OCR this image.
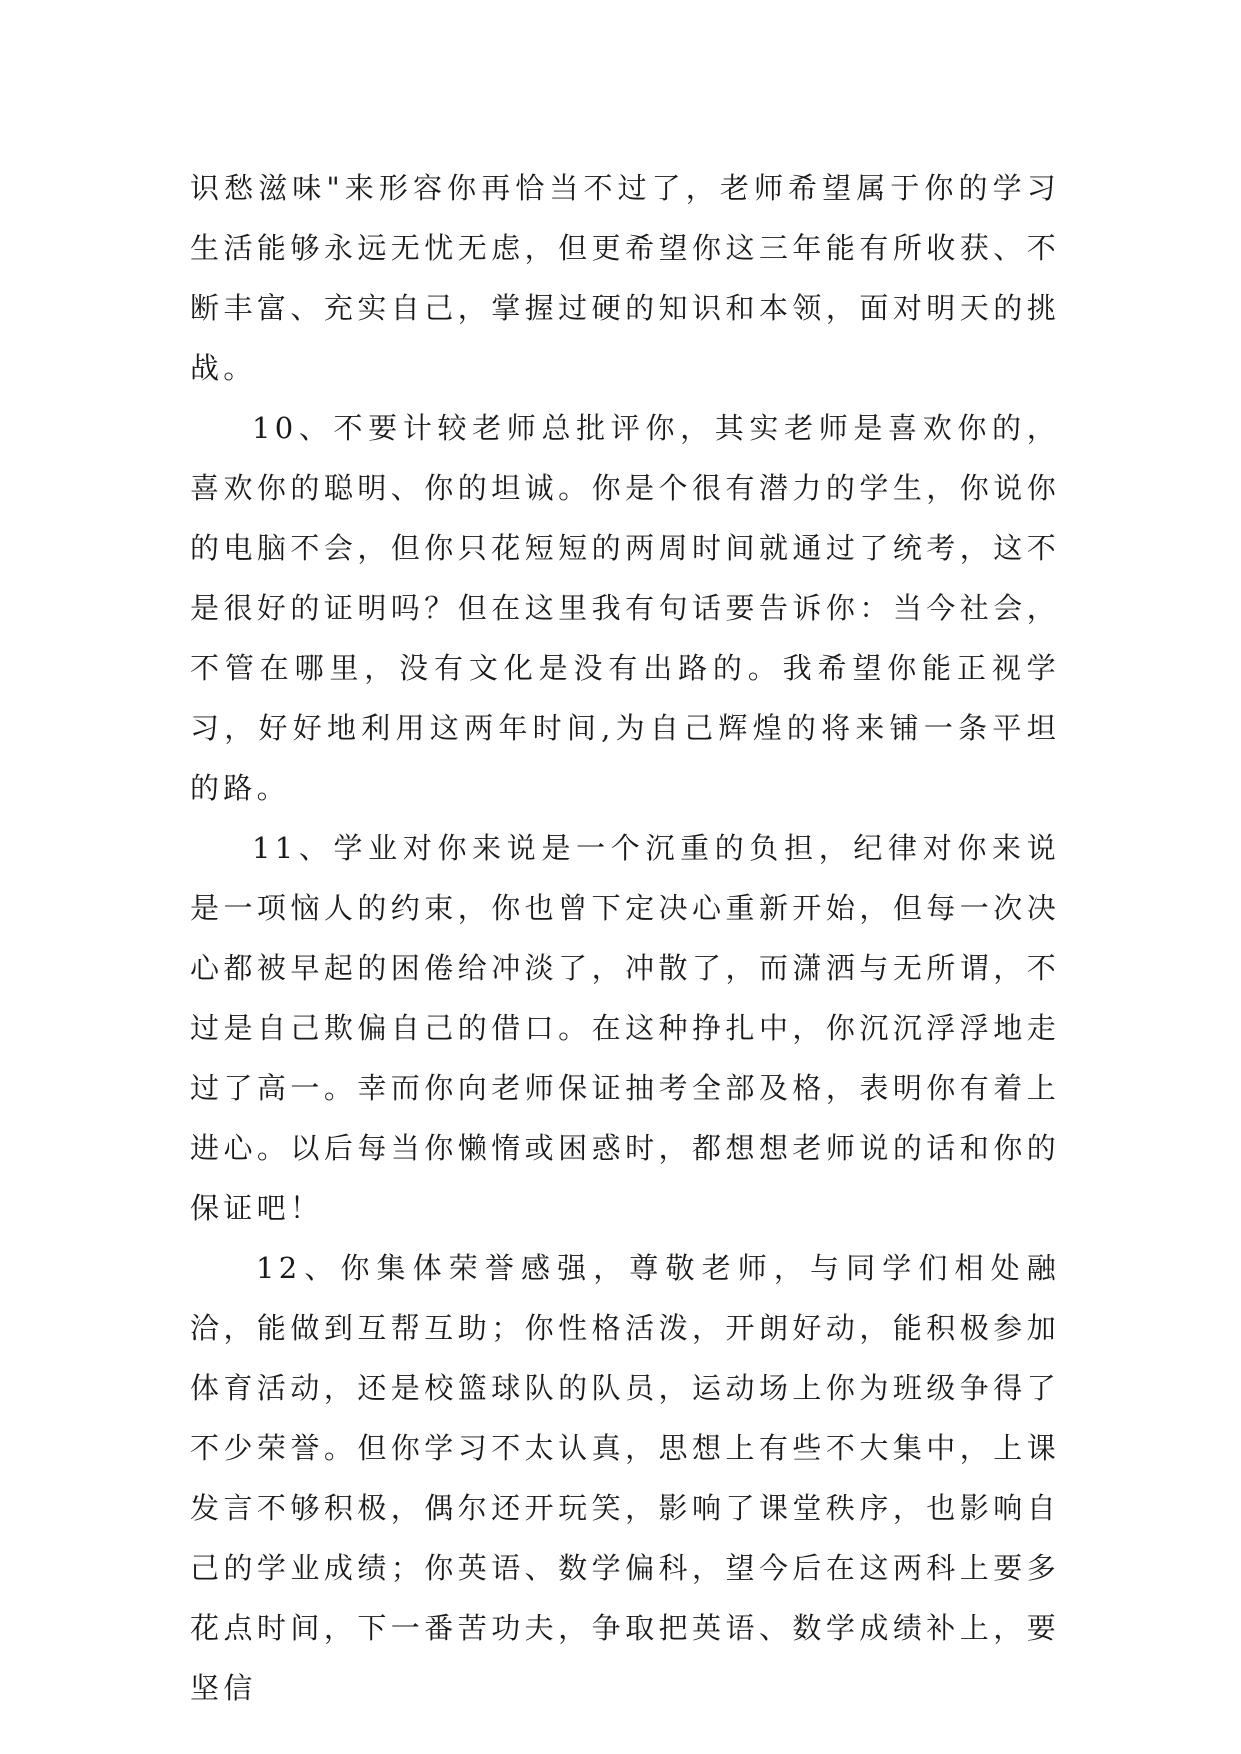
识愁滋味"来形容你再恰当不过了，老师希望属于你的学习生活能够永远无忧无虑，但更希望你这三年能有所收获、不断丰富、充实自己，掌握过硬的知识和本领，面对明天的挑战。

10、不要计较老师总批评你，其实老师是喜欢你的，喜欢你的聪明、你的坦诚。你是个很有潜力的学生，你说你的电脑不会，但你只花短短的两周时间就通过了统考，这不是很好的证明吗？但在这里我有句话要告诉你：当今社会，不管在哪里，没有文化是没有出路的。我希望你能正视学习，好好地利用这两年时间,为自己辉煌的将来铺一条平坦的路。

11、学业对你来说是一个沉重的负担，纪律对你来说是一项恼人的约束，你也曾下定决心重新开始，但每一次决心都被早起的困倦给冲淡了，冲散了，而潇洒与无所谓，不过是自己欺偏自己的借口。在这种挣扎中，你沉沉浮浮地走过了高一。幸而你向老师保证抽考全部及格，表明你有着上进心。以后每当你懒惰或困惑时，都想想老师说的话和你的保证吧！

12、你集体荣誉感强，尊敬老师，与同学们相处融洽，能做到互帮互助；你性格活泼，开朗好动，能积极参加体育活动，还是校篮球队的队员，运动场上你为班级争得了不少荣誉。但你学习不太认真，思想上有些不大集中，上课发言不够积极，偶尔还开玩笑，影响了课堂秩序，也影响自己的学业成绩；你英语、数学偏科，望今后在这两科上要多花点时间，下一番苦功夫，争取把英语、数学成绩补上，要坚信
